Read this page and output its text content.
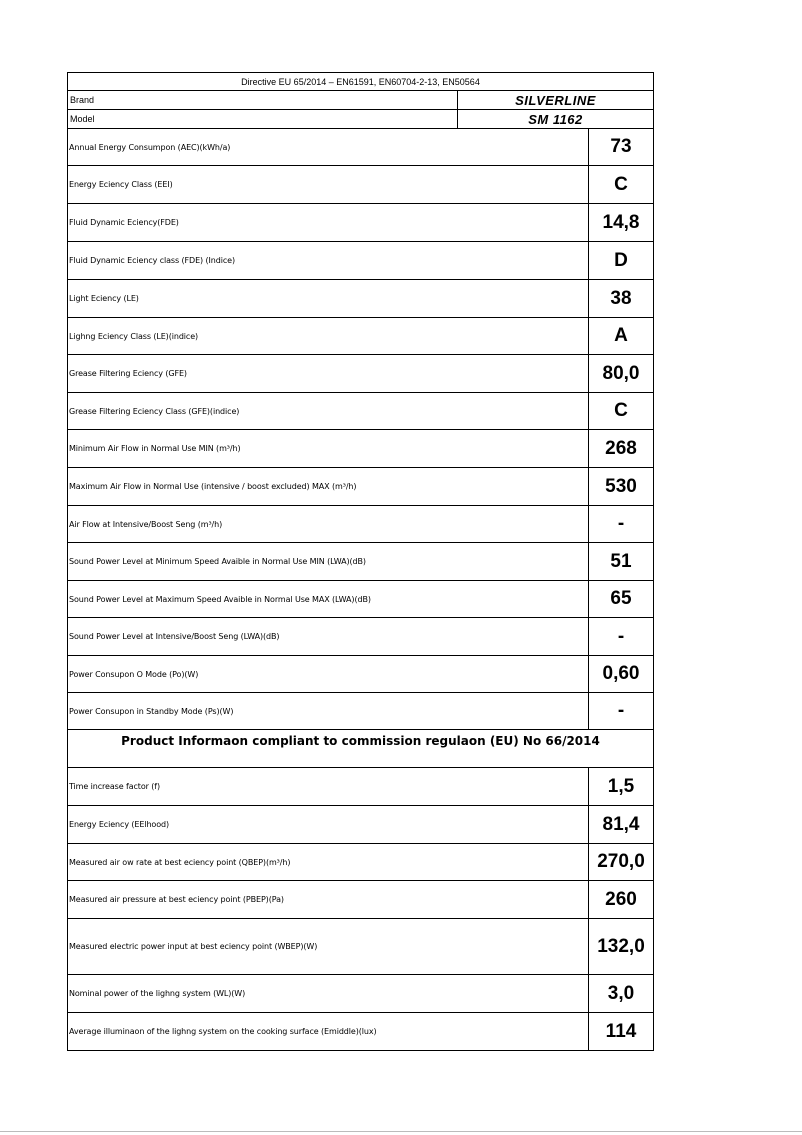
Directive EU 65/2014 – EN61591, EN60704-2-13, EN50564
Brand	SILVERLINE
Model	SM 1162
Annual Energy Consumpon (AEC)(kWh/a)	73
Energy Eciency Class (EEI)	C
Fluid Dynamic Eciency(FDE)	14,8
Fluid Dynamic Eciency class (FDE) (Indice)	D
Light Eciency (LE)	38
Lighng Eciency Class (LE)(indice)	A
Grease Filtering Eciency (GFE)	80,0
Grease Filtering Eciency Class (GFE)(indice)	C
Minimum Air Flow in Normal Use MIN (m³/h)	268
Maximum Air Flow in Normal Use (intensive / boost excluded) MAX (m³/h)	530
Air Flow at Intensive/Boost Seng (m³/h)	-
Sound Power Level at Minimum Speed Avaible in Normal Use MIN (LWA)(dB)	51
Sound Power Level at Maximum Speed Avaible in Normal Use MAX (LWA)(dB)	65
Sound Power Level at Intensive/Boost Seng (LWA)(dB)	-
Power Consupon O Mode (Po)(W)	0,60
Power Consupon in Standby Mode (Ps)(W)	-
Product Informaon compliant to commission regulaon (EU) No 66/2014
Time increase factor (f)	1,5
Energy Eciency (EElhood)	81,4
Measured air ow rate at best eciency point (QBEP)(m³/h)	270,0
Measured air pressure at best eciency point (PBEP)(Pa)	260
Measured electric power input at best eciency point (WBEP)(W)	132,0
Nominal power of the lighng system (WL)(W)	3,0
Average illuminaon of the lighng system on the cooking surface (Emiddle)(lux)	114
